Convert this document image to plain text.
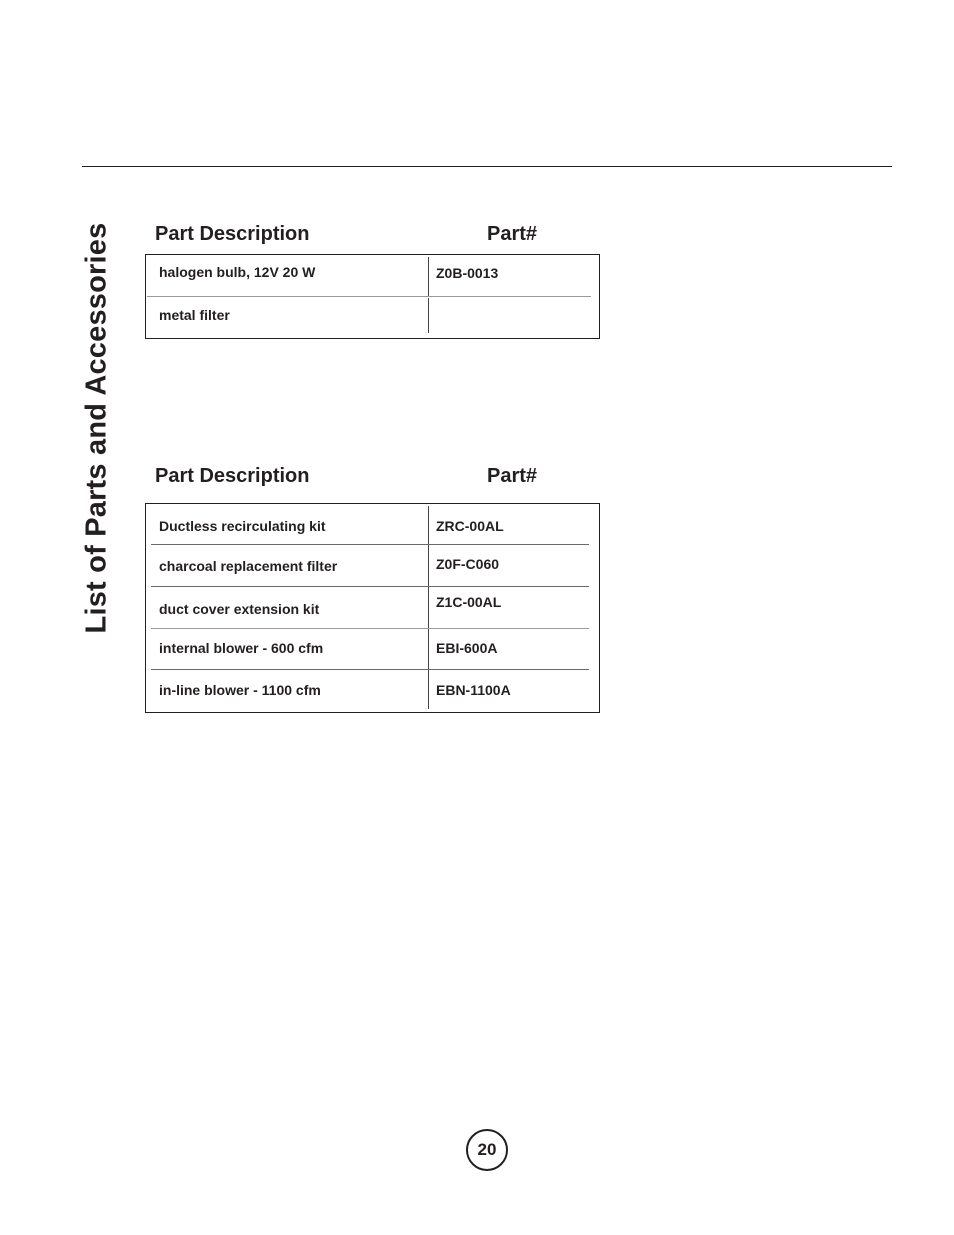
List of Parts and Accessories Part Description	Part#
halogen bulb, 12V 20 W	Z0B-0013
metal filter
Part Description	Part#
Ductless recirculating kit	ZRC-00AL
charcoal replacement filter	Z0F-C060
duct cover extension kit	Z1C-00AL
internal blower - 600 cfm	EBI-600A
in-line blower - 1100 cfm	EBN-1100A
20
